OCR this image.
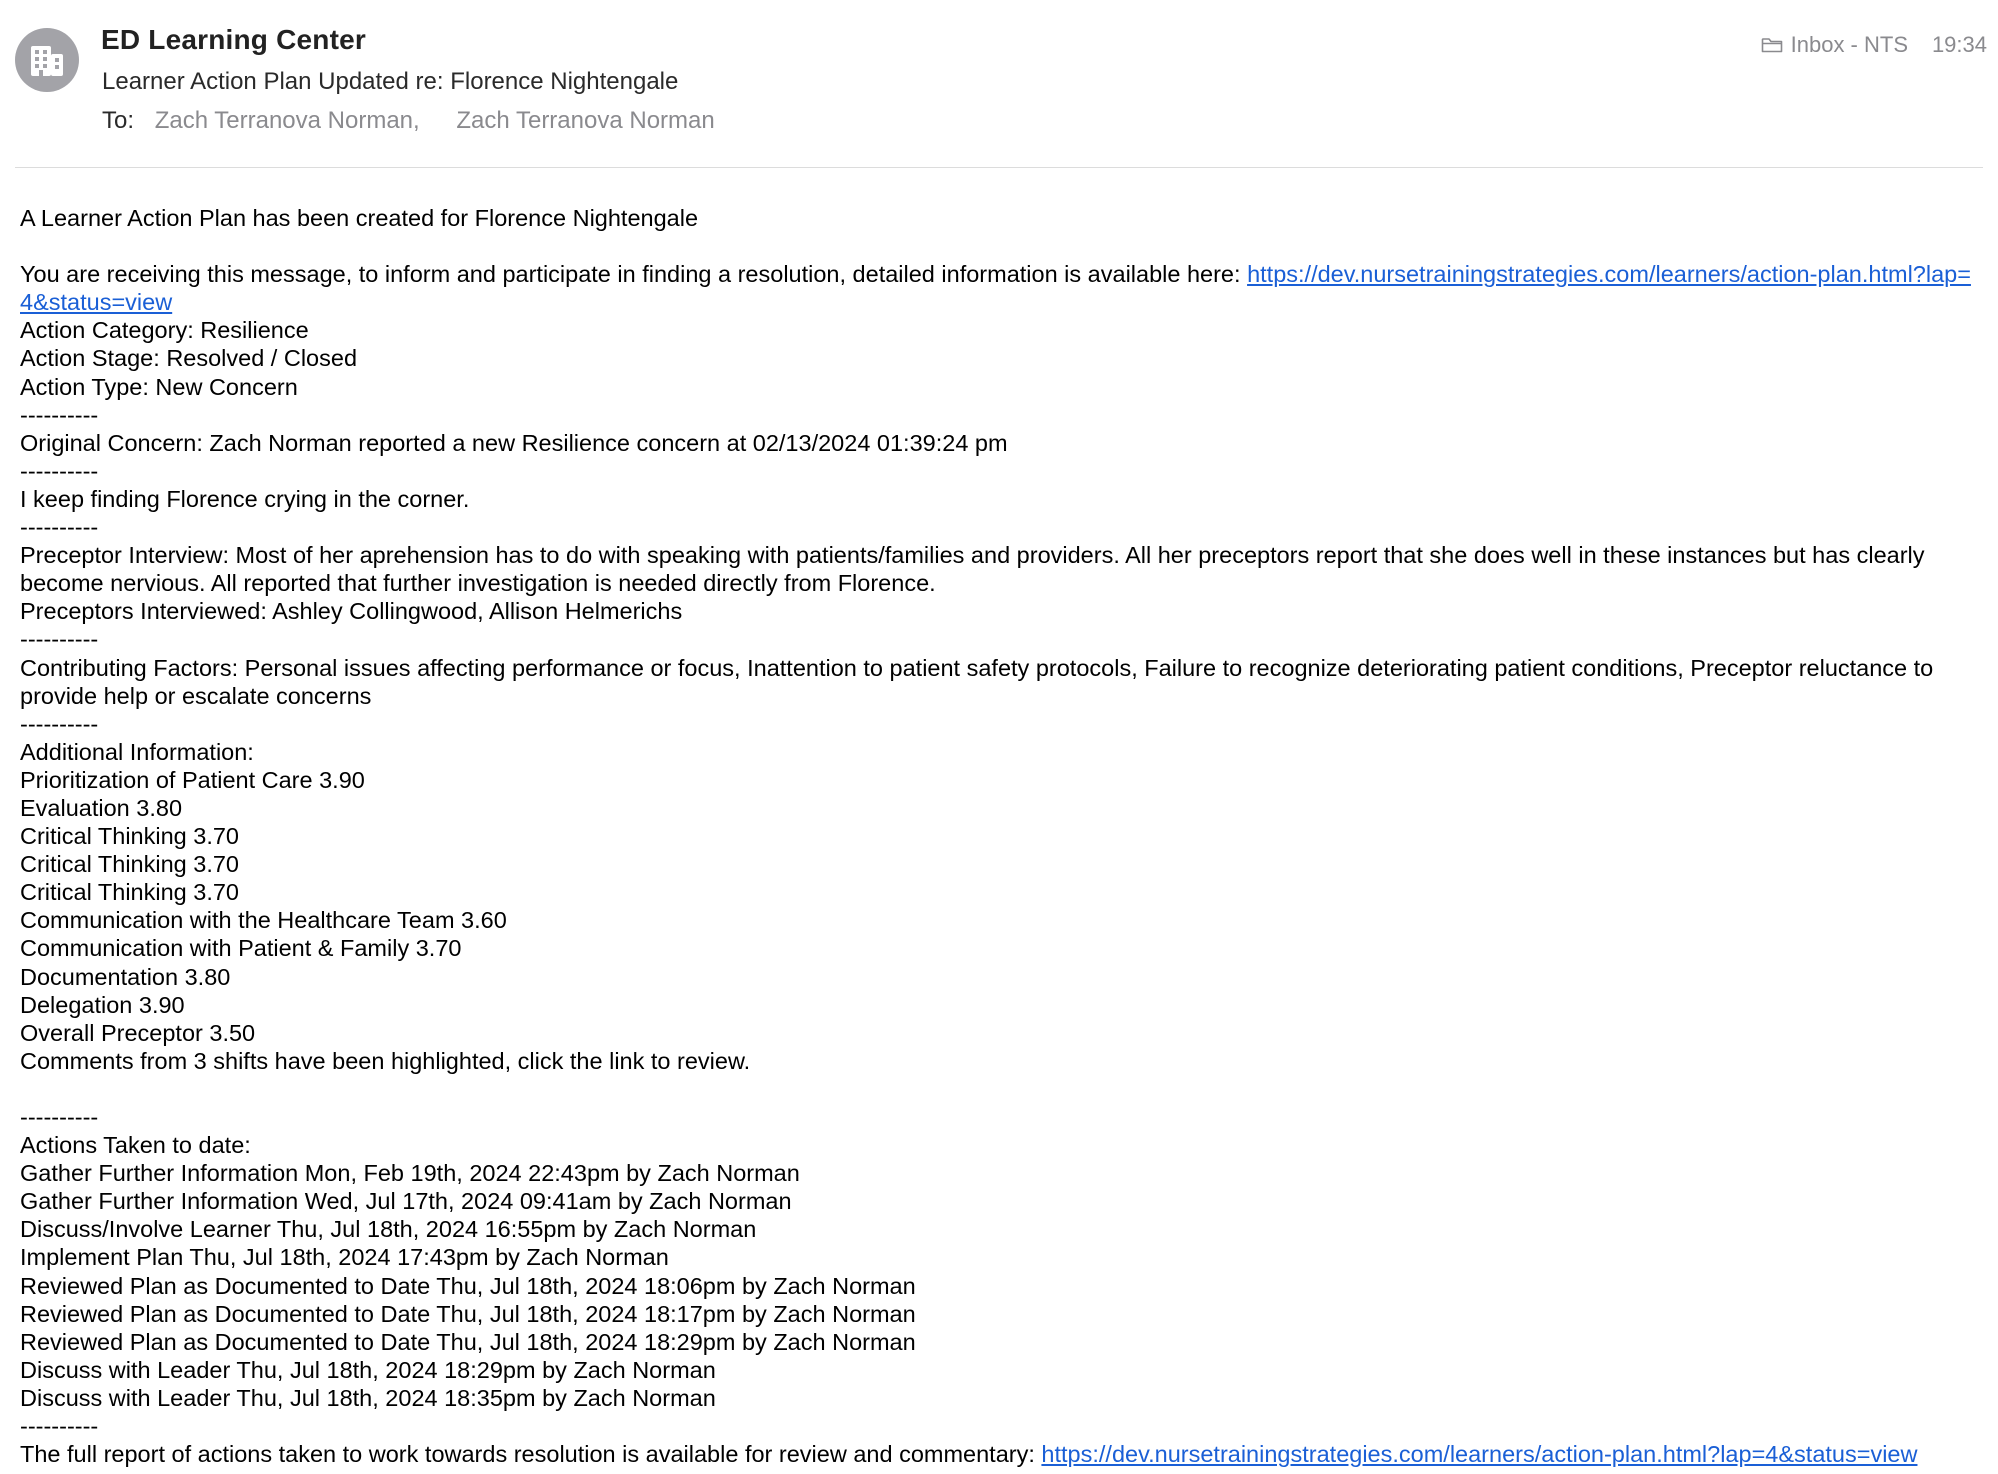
ED Learning Center
Learner Action Plan Updated re: Florence Nightengale
To: Zach Terranova Norman, Zach Terranova Norman
Inbox - NTS 19:34
A Learner Action Plan has been created for Florence Nightengale
You are receiving this message, to inform and participate in finding a resolution, detailed information is available here: https://dev.nursetrainingstrategies.com/learners/action-plan.html?lap=4&status=view
Action Category: Resilience
Action Stage: Resolved / Closed
Action Type: New Concern
----------
Original Concern: Zach Norman reported a new Resilience concern at 02/13/2024 01:39:24 pm
----------
I keep finding Florence crying in the corner.
----------
Preceptor Interview: Most of her aprehension has to do with speaking with patients/families and providers. All her preceptors report that she does well in these instances but has clearly become nervious. All reported that further investigation is needed directly from Florence.
Preceptors Interviewed: Ashley Collingwood, Allison Helmerichs
----------
Contributing Factors: Personal issues affecting performance or focus, Inattention to patient safety protocols, Failure to recognize deteriorating patient conditions, Preceptor reluctance to provide help or escalate concerns
----------
Additional Information:
Prioritization of Patient Care 3.90
Evaluation 3.80
Critical Thinking 3.70
Critical Thinking 3.70
Critical Thinking 3.70
Communication with the Healthcare Team 3.60
Communication with Patient & Family 3.70
Documentation 3.80
Delegation 3.90
Overall Preceptor 3.50
Comments from 3 shifts have been highlighted, click the link to review.
----------
Actions Taken to date:
Gather Further Information Mon, Feb 19th, 2024 22:43pm by Zach Norman
Gather Further Information Wed, Jul 17th, 2024 09:41am by Zach Norman
Discuss/Involve Learner Thu, Jul 18th, 2024 16:55pm by Zach Norman
Implement Plan Thu, Jul 18th, 2024 17:43pm by Zach Norman
Reviewed Plan as Documented to Date Thu, Jul 18th, 2024 18:06pm by Zach Norman
Reviewed Plan as Documented to Date Thu, Jul 18th, 2024 18:17pm by Zach Norman
Reviewed Plan as Documented to Date Thu, Jul 18th, 2024 18:29pm by Zach Norman
Discuss with Leader Thu, Jul 18th, 2024 18:29pm by Zach Norman
Discuss with Leader Thu, Jul 18th, 2024 18:35pm by Zach Norman
----------
The full report of actions taken to work towards resolution is available for review and commentary: https://dev.nursetrainingstrategies.com/learners/action-plan.html?lap=4&status=view
